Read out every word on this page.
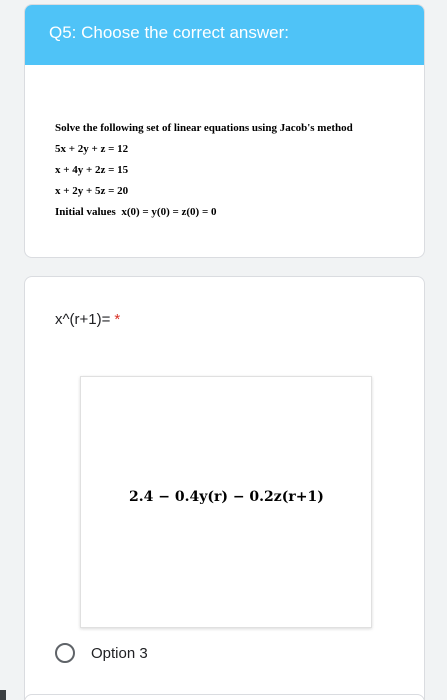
Q5: Choose the correct answer:
Solve the following set of linear equations using Jacob's method
5x + 2y + z = 12
x + 4y + 2z = 15
x + 2y + 5z = 20
Initial values x(0) = y(0) = z(0) = 0
x^(r+1)= *
2.4 − 0.4y(r) − 0.2z(r+1)
Option 3
